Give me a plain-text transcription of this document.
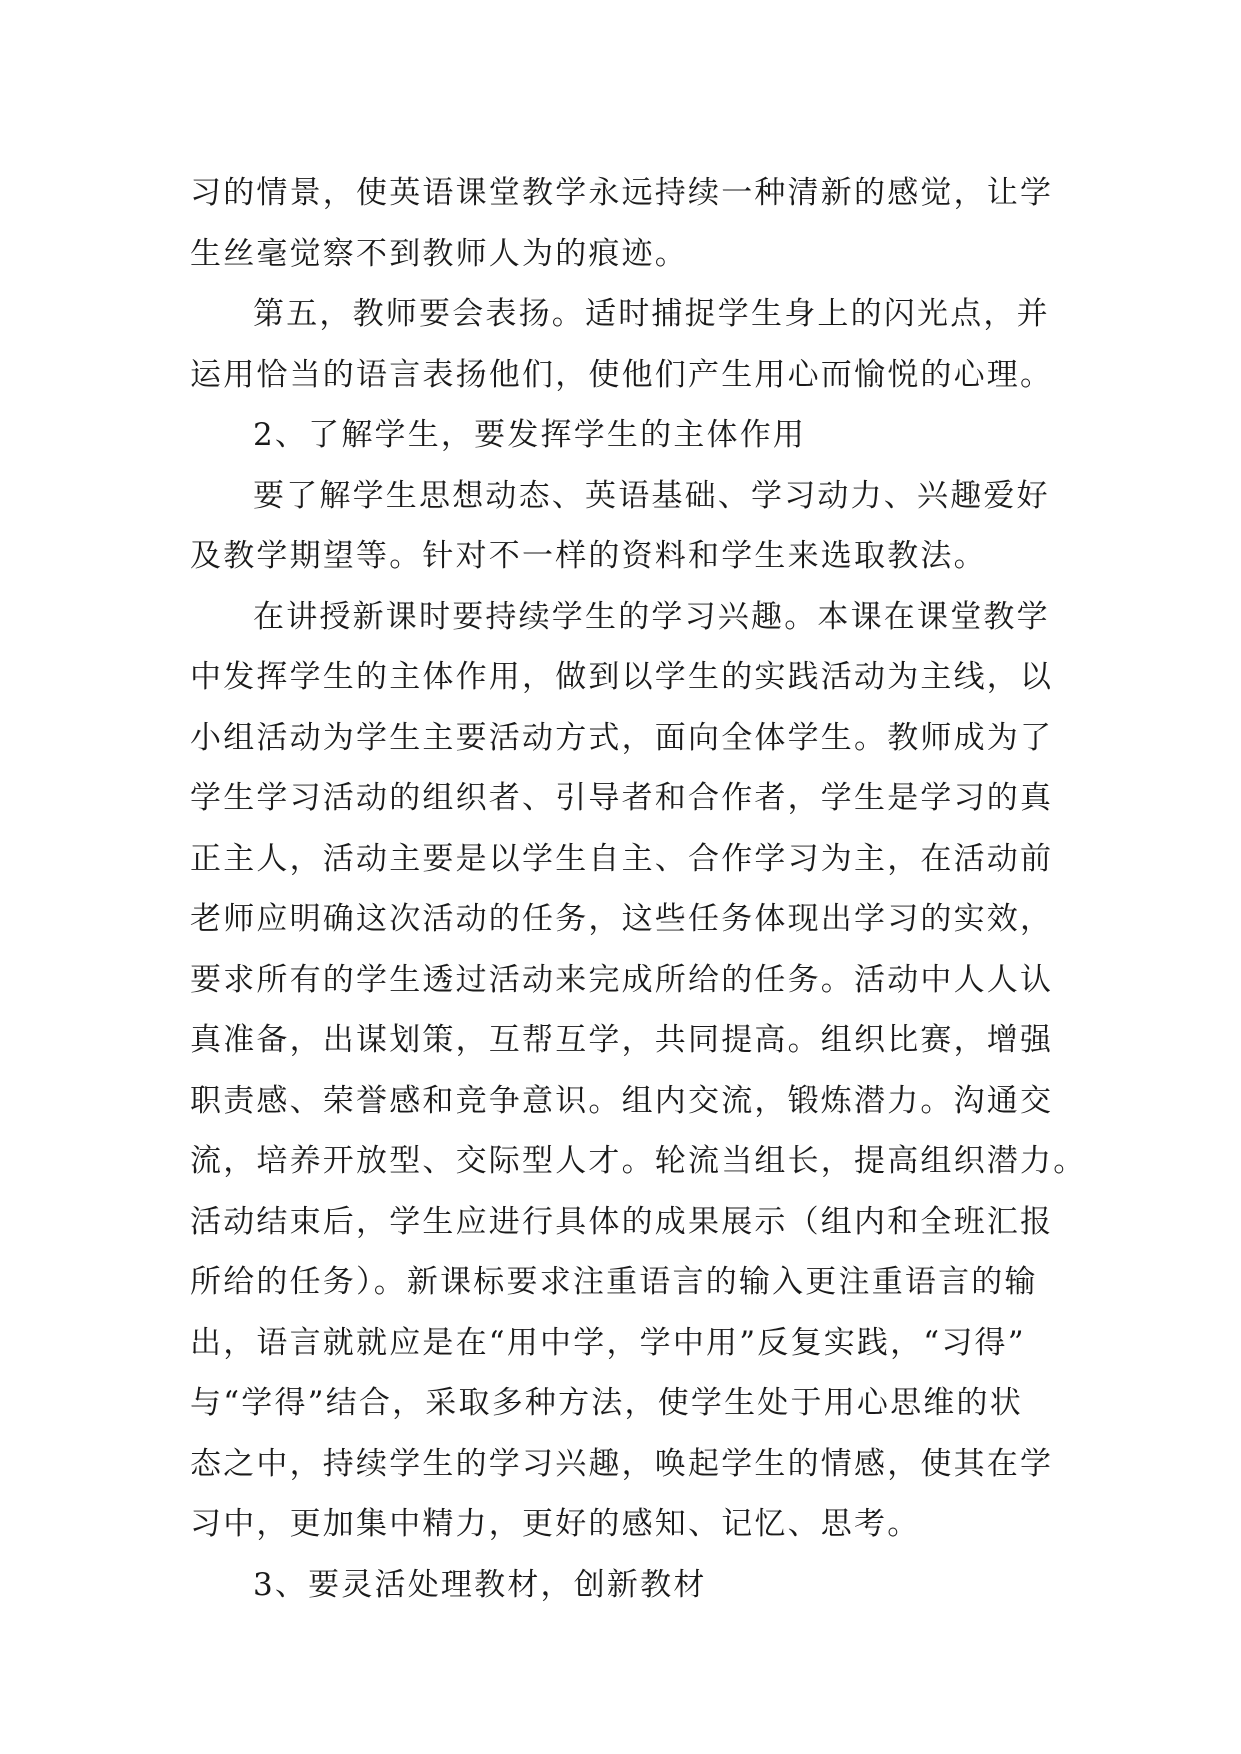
习的情景，使英语课堂教学永远持续一种清新的感觉，让学
生丝毫觉察不到教师人为的痕迹。
第五，教师要会表扬。适时捕捉学生身上的闪光点，并
运用恰当的语言表扬他们，使他们产生用心而愉悦的心理。
2、了解学生，要发挥学生的主体作用
要了解学生思想动态、英语基础、学习动力、兴趣爱好
及教学期望等。针对不一样的资料和学生来选取教法。
在讲授新课时要持续学生的学习兴趣。本课在课堂教学
中发挥学生的主体作用，做到以学生的实践活动为主线，以
小组活动为学生主要活动方式，面向全体学生。教师成为了
学生学习活动的组织者、引导者和合作者，学生是学习的真
正主人，活动主要是以学生自主、合作学习为主，在活动前
老师应明确这次活动的任务，这些任务体现出学习的实效，
要求所有的学生透过活动来完成所给的任务。活动中人人认
真准备，出谋划策，互帮互学，共同提高。组织比赛，增强
职责感、荣誉感和竞争意识。组内交流，锻炼潜力。沟通交
流，培养开放型、交际型人才。轮流当组长，提高组织潜力。
活动结束后，学生应进行具体的成果展示（组内和全班汇报
所给的任务）。新课标要求注重语言的输入更注重语言的输
出，语言就就应是在“用中学，学中用”反复实践，“习得”
与“学得”结合，采取多种方法，使学生处于用心思维的状
态之中，持续学生的学习兴趣，唤起学生的情感，使其在学
习中，更加集中精力，更好的感知、记忆、思考。
3、要灵活处理教材，创新教材
